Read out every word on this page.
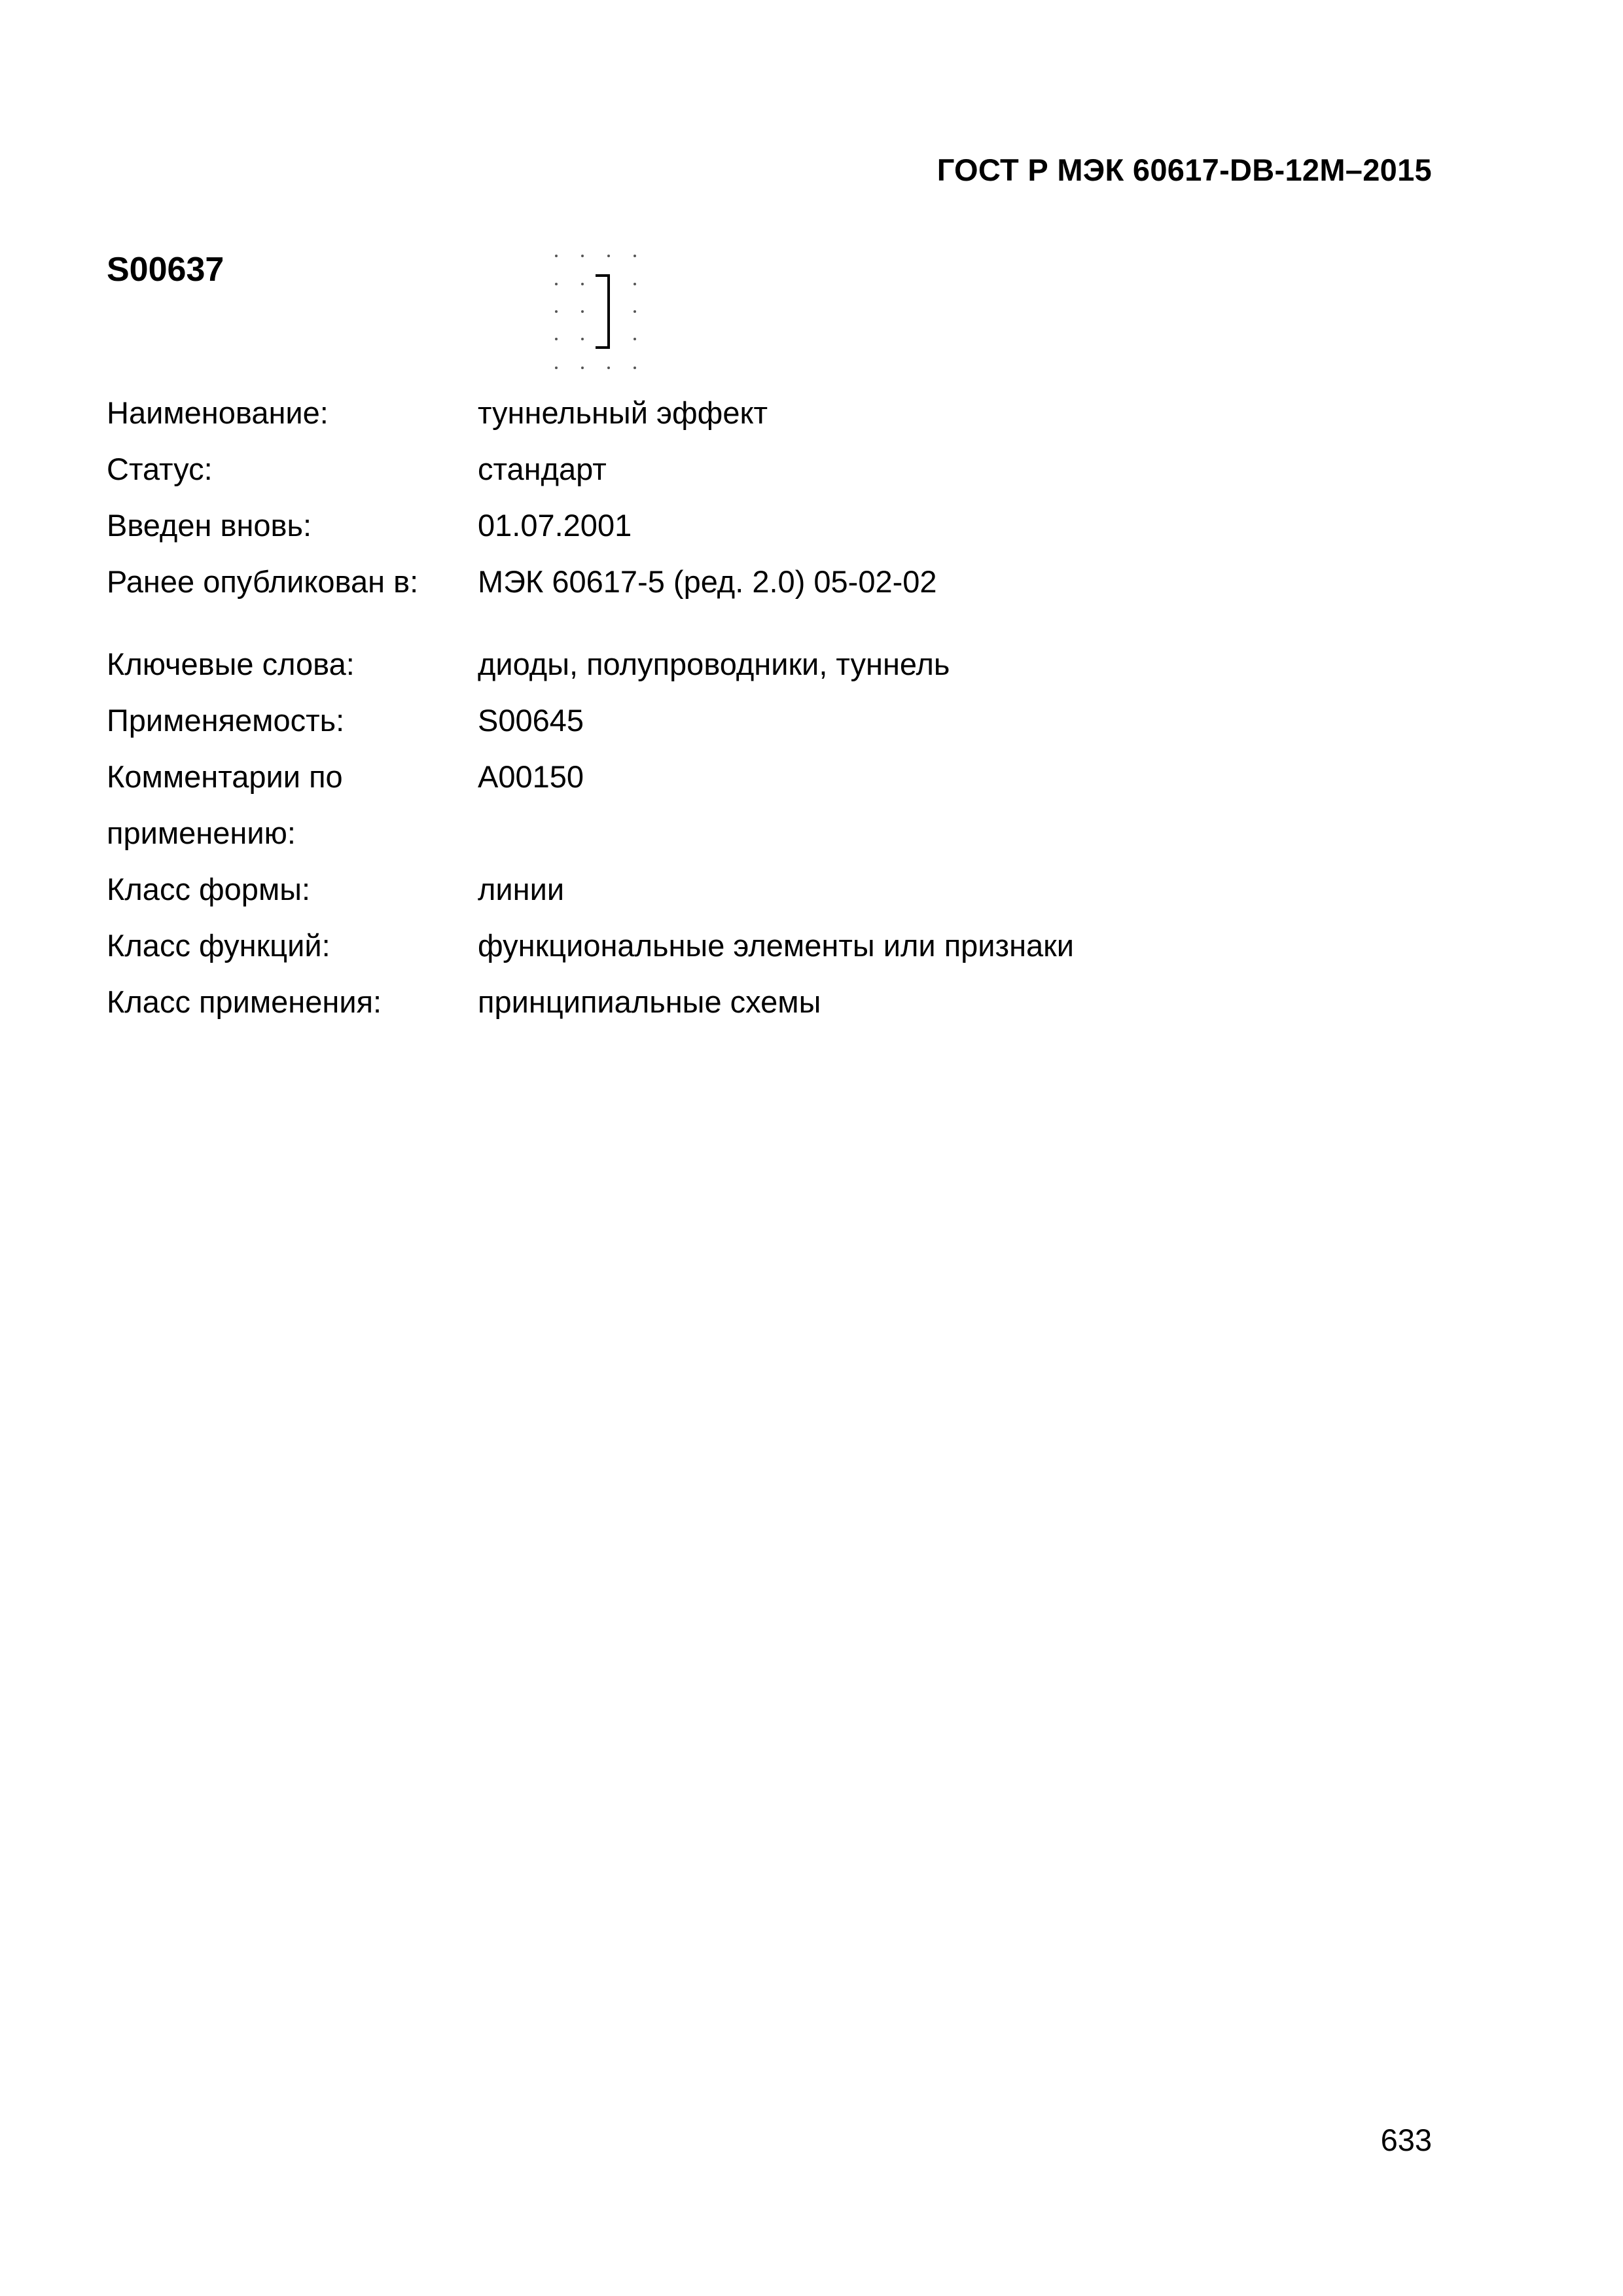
ГОСТ Р МЭК 60617-DB-12М–2015
S00637
Наименование:	туннельный эффект
Статус:	стандарт
Введен вновь:	01.07.2001
Ранее опубликован в:	МЭК 60617-5 (ред. 2.0) 05-02-02
Ключевые слова:	диоды, полупроводники, туннель
Применяемость:	S00645
Комментарии по применению:
A00150
Класс формы:	линии
Класс функций:	функциональные элементы или признаки
Класс применения:	принципиальные схемы
633
